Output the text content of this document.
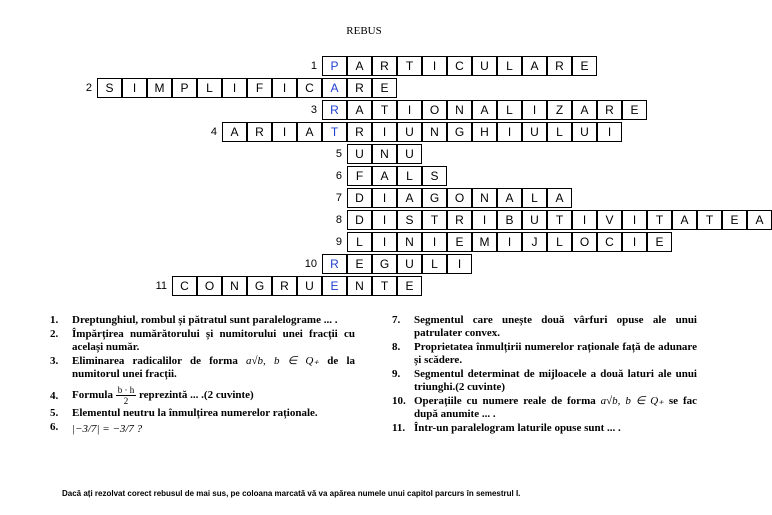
REBUS
1	P	A	R	T	I	C	U	L	A	R	E
2	S	I	M	P	L	I	F	I	C	A	R	E
3	R	A	T	I	O	N	A	L	I	Z	A	R	E
4	A	R	I	A	T	R	I	U	N	G	H	I	U	L	U	I
5	U	N	U
6	F	A	L	S
7	D	I	A	G	O	N	A	L	A
8	D	I	S	T	R	I	B	U	T	I	V	I	T	A	T	E	A
9	L	I	N	I	E	M	I	J	L	O	C	I	E
10	R	E	G	U	L	I
11	C	O	N	G	R	U	E	N	T	E
1. Dreptunghiul, rombul și pătratul sunt paralelograme ... .
2. Împărțirea numărătorului și numitorului unei fracții cu același număr.
3. Eliminarea radicalilor de forma a√b, b ∈ Q₊ de la numitorul unei fracții.
4. Formula $\frac{b \cdot h}{2}$ reprezintă ... .(2 cuvinte)
5. Elementul neutru la înmulțirea numerelor raționale.
6. |−3/7| = −3/7 ?
7. Segmentul care unește două vârfuri opuse ale unui patrulater convex.
8. Proprietatea înmulțirii numerelor raționale față de adunare și scădere.
9. Segmentul determinat de mijloacele a două laturi ale unui triunghi.(2 cuvinte)
10. Operațiile cu numere reale de forma a√b, b ∈ Q₊ se fac după anumite ... .
11. Într-un paralelogram laturile opuse sunt ... .
Dacă ați rezolvat corect rebusul de mai sus, pe coloana marcată vă va apărea numele unui capitol parcurs în semestrul I.
